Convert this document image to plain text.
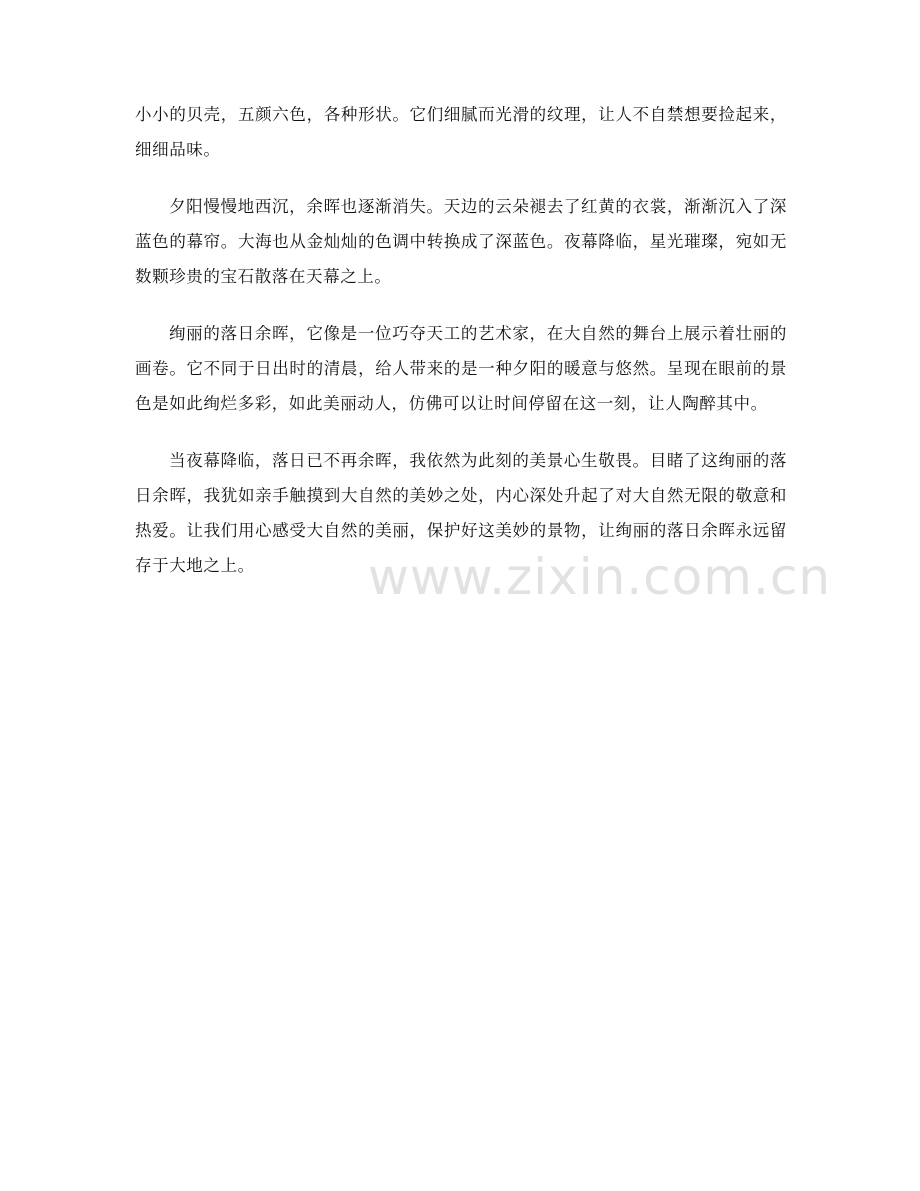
小小的贝壳，五颜六色，各种形状。它们细腻而光滑的纹理，让人不自禁想要捡起来，细细品味。

夕阳慢慢地西沉，余晖也逐渐消失。天边的云朵褪去了红黄的衣裳，渐渐沉入了深蓝色的幕帘。大海也从金灿灿的色调中转换成了深蓝色。夜幕降临，星光璀璨，宛如无数颗珍贵的宝石散落在天幕之上。

绚丽的落日余晖，它像是一位巧夺天工的艺术家，在大自然的舞台上展示着壮丽的画卷。它不同于日出时的清晨，给人带来的是一种夕阳的暖意与悠然。呈现在眼前的景色是如此绚烂多彩，如此美丽动人，仿佛可以让时间停留在这一刻，让人陶醉其中。

当夜幕降临，落日已不再余晖，我依然为此刻的美景心生敬畏。目睹了这绚丽的落日余晖，我犹如亲手触摸到大自然的美妙之处，内心深处升起了对大自然无限的敬意和热爱。让我们用心感受大自然的美丽，保护好这美妙的景物，让绚丽的落日余晖永远留存于大地之上。	www.zixin.com.cn
